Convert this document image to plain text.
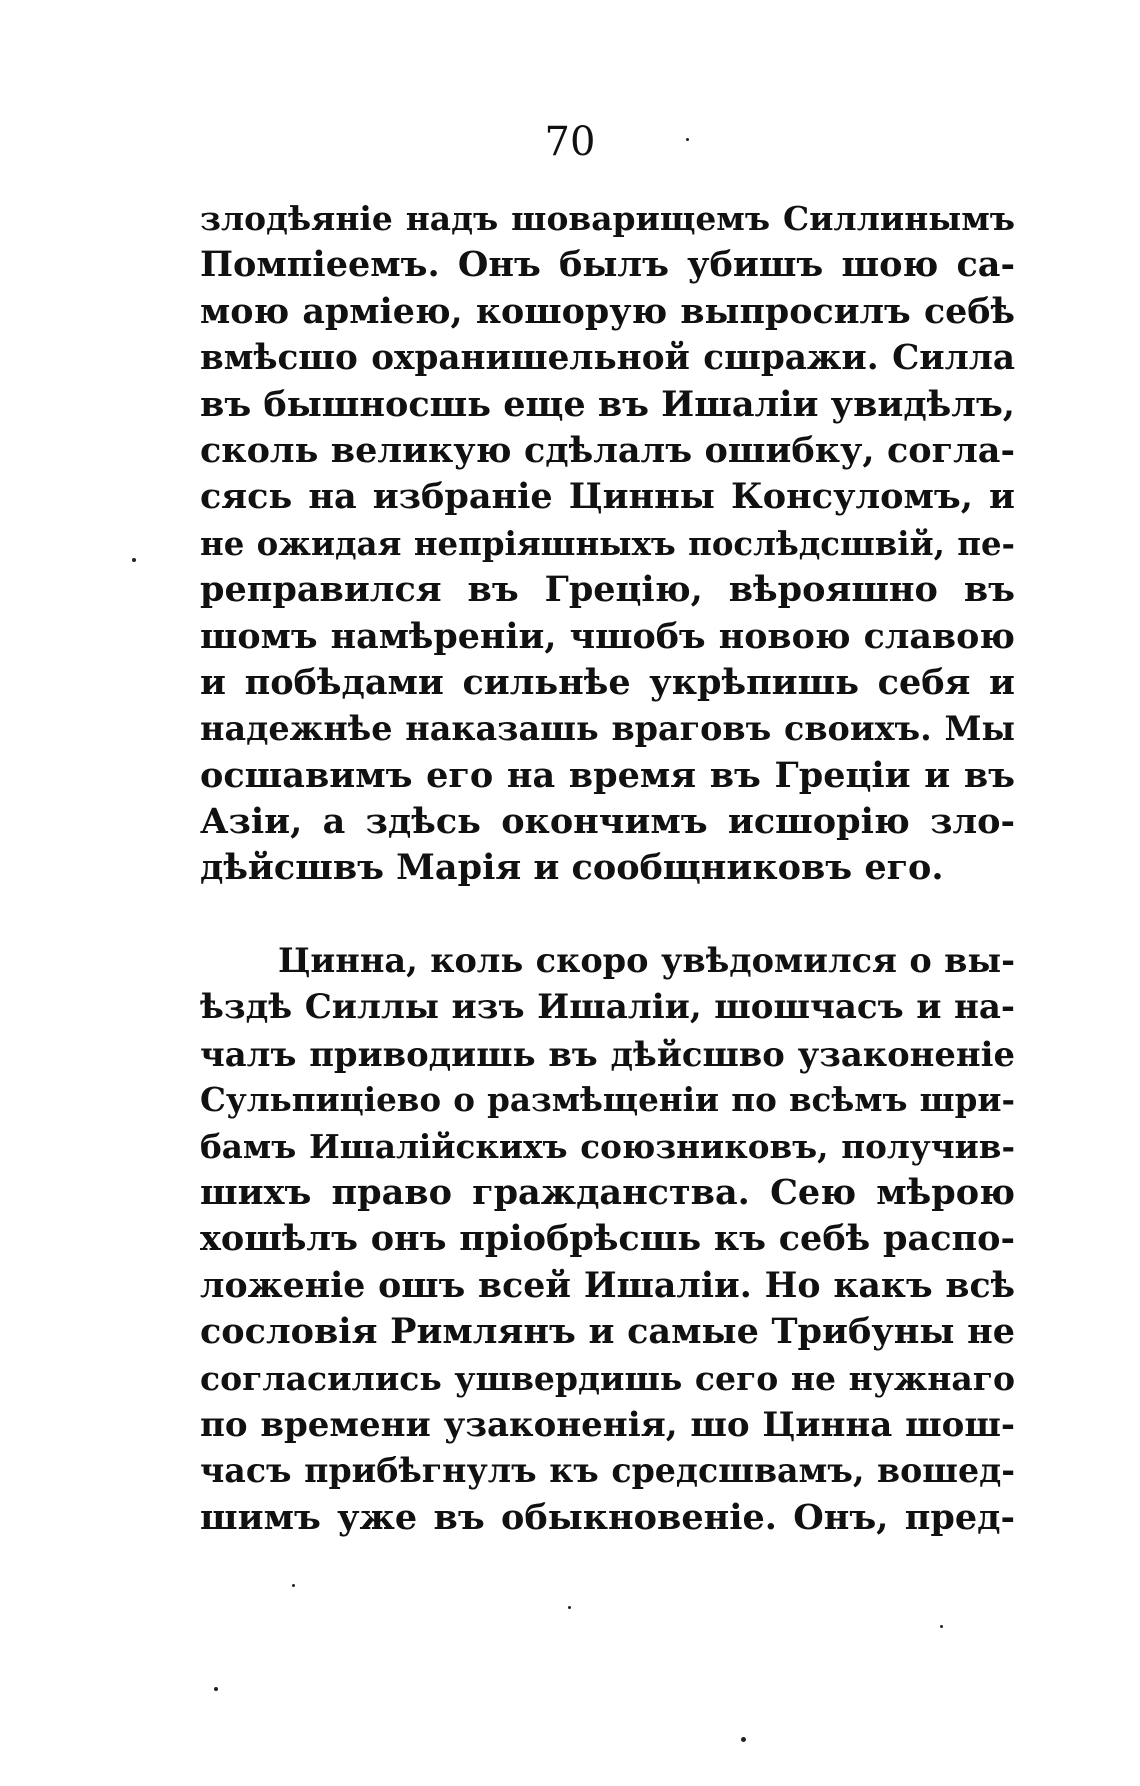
70
злодѣяніе надъ шоварищемъ Силлинымъ
Помпіеемъ. Онъ былъ убишъ шою са-
мою арміею, кошорую выпросилъ себѣ
вмѣсшо охранишельной сшражи. Силла
въ бышносшь еще въ Ишаліи увидѣлъ,
сколь великую сдѣлалъ ошибку, согла-
сясь на избраніе Цинны Консуломъ, и
не ожидая непріяшныхъ послѣдсшвій, пе-
реправился въ Грецію, вѣрояшно въ
шомъ намѣреніи, чшобъ новою славою
и побѣдами сильнѣе укрѣпишь себя и
надежнѣе наказашь враговъ своихъ. Мы
осшавимъ его на время въ Греціи и въ
Азіи, а здѣсь окончимъ исшорію зло-
дѣйсшвъ Марія и сообщниковъ его.
Цинна, коль скоро увѣдомился о вы-
ѣздѣ Силлы изъ Ишаліи, шошчасъ и на-
чалъ приводишь въ дѣйсшво узаконеніе
Сульпиціево о размѣщеніи по всѣмъ шри-
бамъ Ишалійскихъ союзниковъ, получив-
шихъ право гражданства. Сею мѣрою
хошѣлъ онъ пріобрѣсшь къ себѣ распо-
ложеніе ошъ всей Ишаліи. Но какъ всѣ
сословія Римлянъ и самые Трибуны не
согласились ушвердишь сего не нужнаго
по времени узаконенія, шо Цинна шош-
часъ прибѣгнулъ къ средсшвамъ, вошед-
шимъ уже въ обыкновеніе. Онъ, пред-
